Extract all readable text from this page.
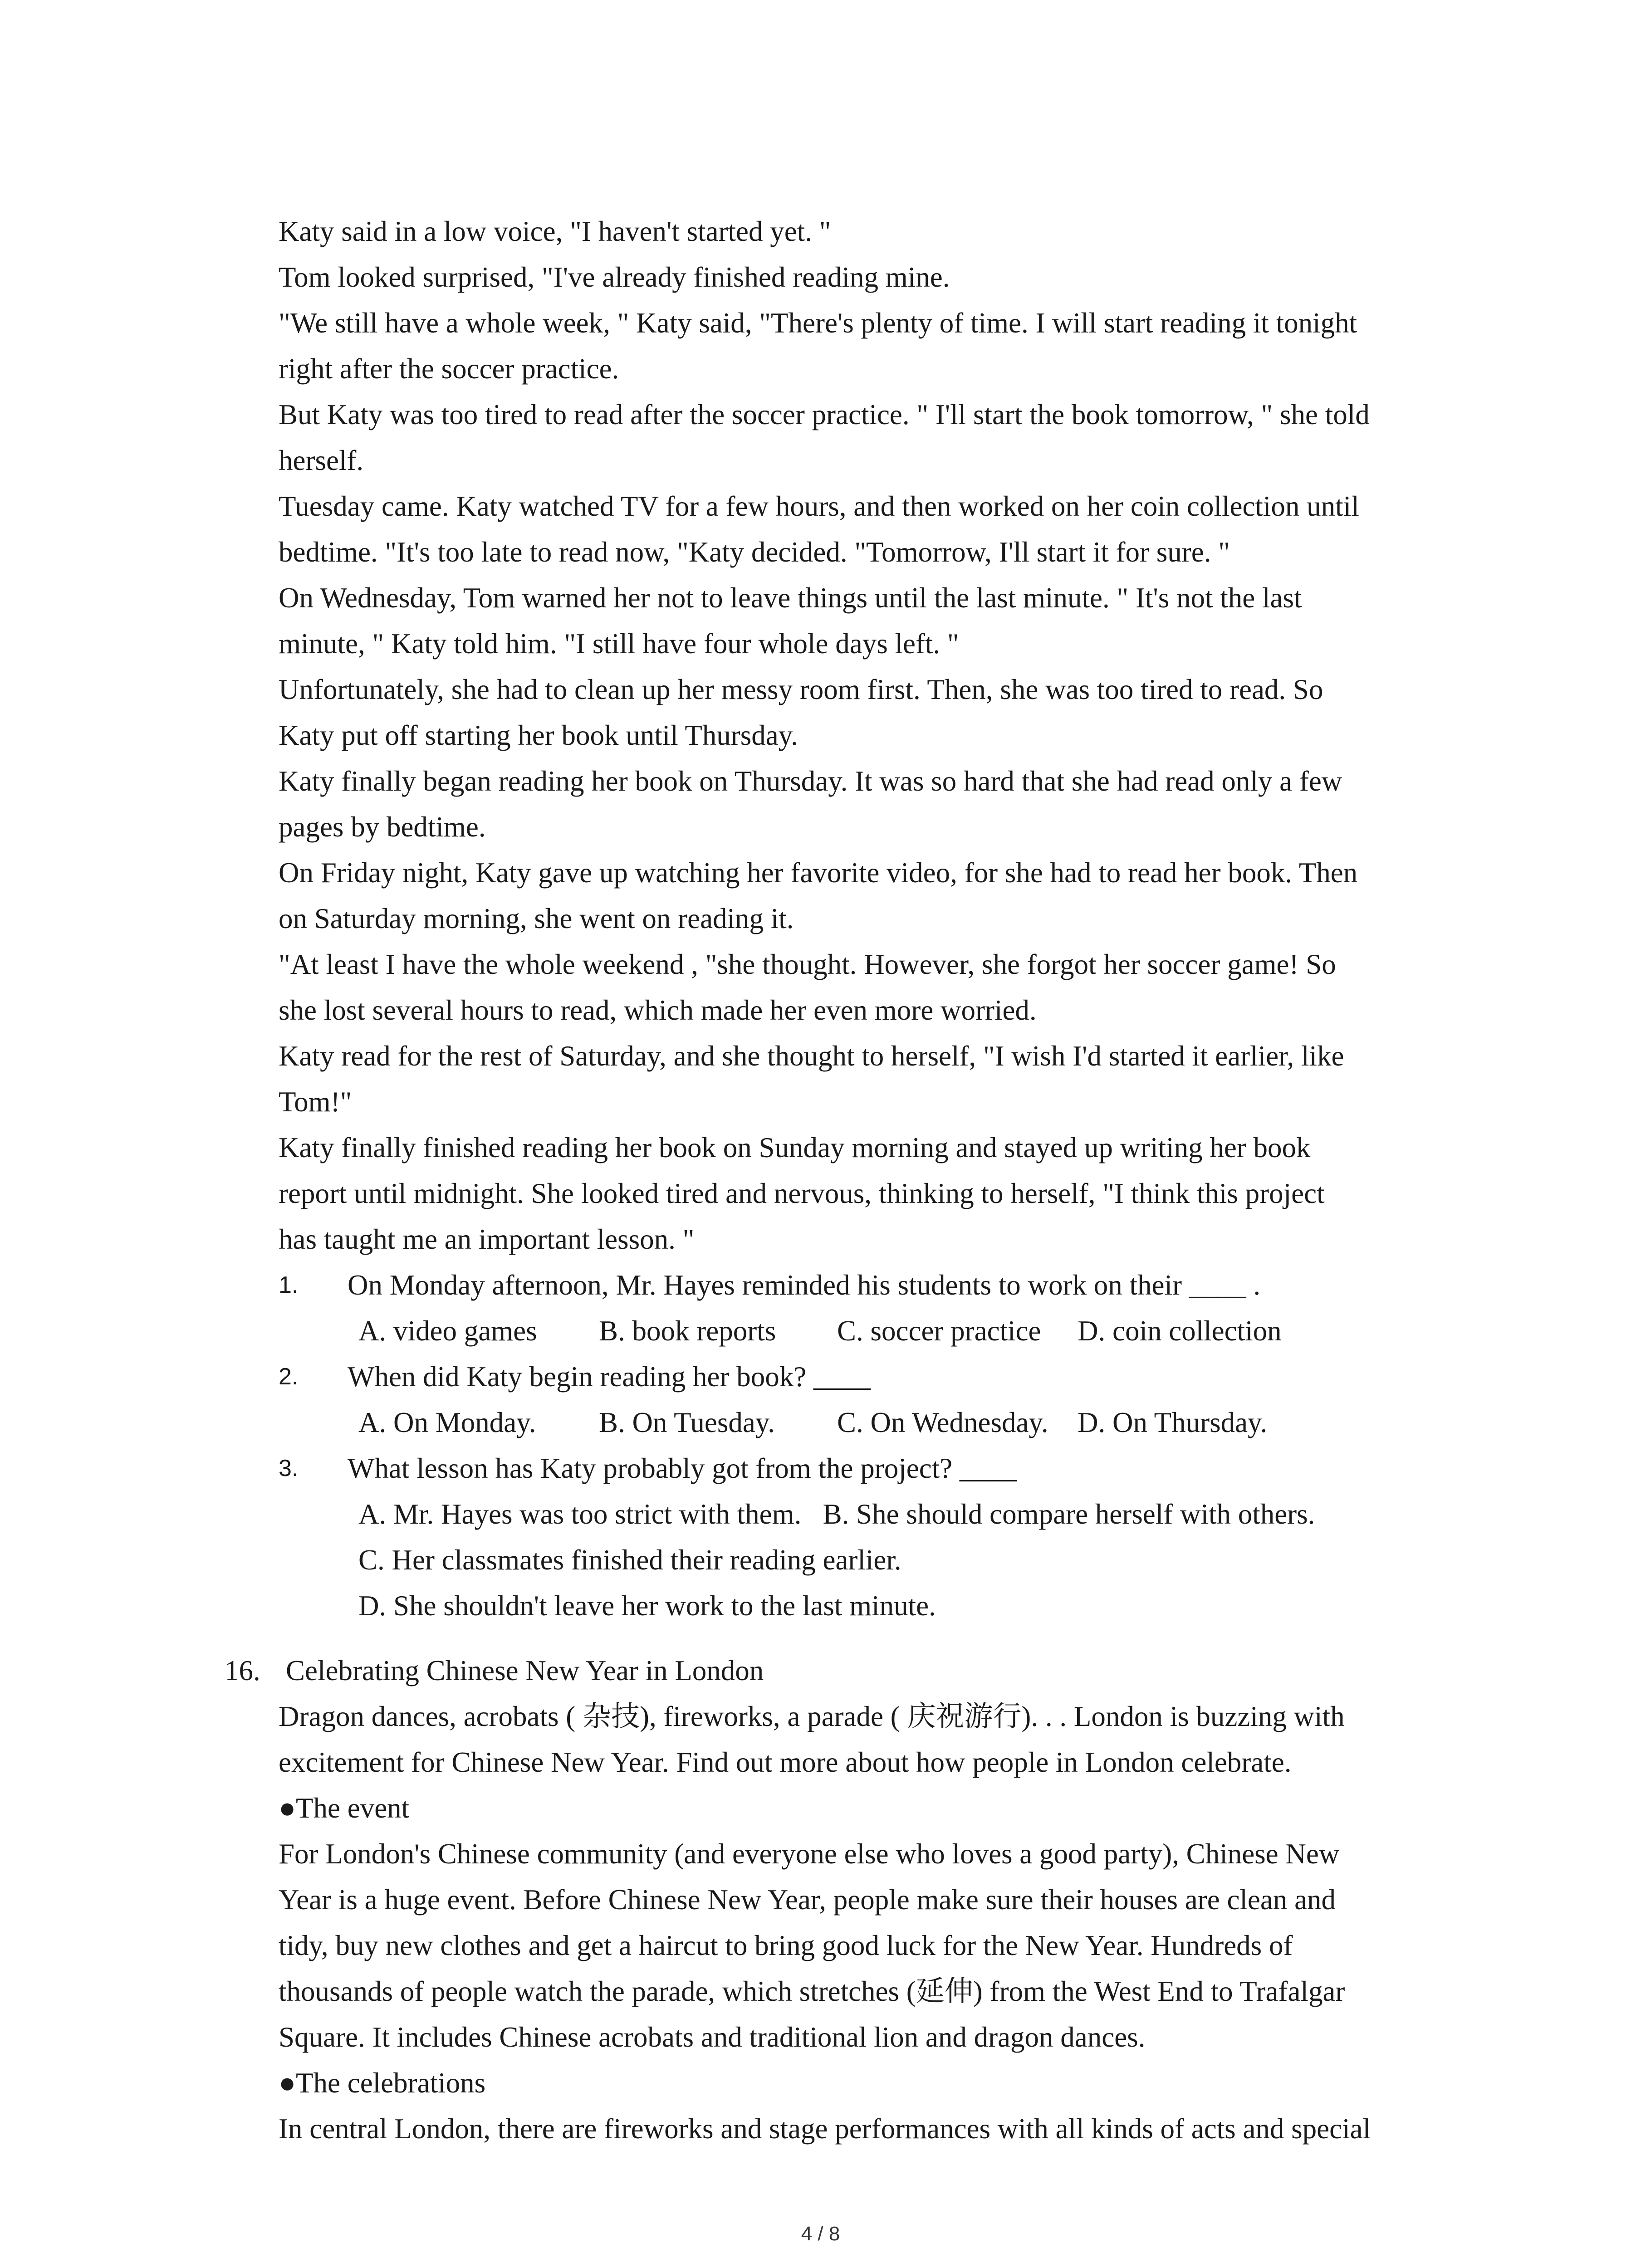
Katy said in a low voice, "I haven't started yet. "
Tom looked surprised, "I've already finished reading mine.
"We still have a whole week, " Katy said, "There's plenty of time. I will start reading it tonight
right after the soccer practice.
But Katy was too tired to read after the soccer practice. " I'll start the book tomorrow, " she told
herself.
Tuesday came. Katy watched TV for a few hours, and then worked on her coin collection until
bedtime. "It's too late to read now, "Katy decided. "Tomorrow, I'll start it for sure. "
On Wednesday, Tom warned her not to leave things until the last minute. " It's not the last
minute, " Katy told him. "I still have four whole days left. "
Unfortunately, she had to clean up her messy room first. Then, she was too tired to read. So
Katy put off starting her book until Thursday.
Katy finally began reading her book on Thursday. It was so hard that she had read only a few
pages by bedtime.
On Friday night, Katy gave up watching her favorite video, for she had to read her book. Then
on Saturday morning, she went on reading it.
"At least I have the whole weekend , "she thought. However, she forgot her soccer game! So
she lost several hours to read, which made her even more worried.
Katy read for the rest of Saturday, and she thought to herself, "I wish I'd started it earlier, like
Tom!"
Katy finally finished reading her book on Sunday morning and stayed up writing her book
report until midnight. She looked tired and nervous, thinking to herself, "I think this project
has taught me an important lesson. "
1. On Monday afternoon, Mr. Hayes reminded his students to work on their ____ .
A. video games B. book reports C. soccer practice D. coin collection
2. When did Katy begin reading her book? ____
A. On Monday. B. On Tuesday. C. On Wednesday. D. On Thursday.
3. What lesson has Katy probably got from the project? ____
A. Mr. Hayes was too strict with them.   B. She should compare herself with others.
C. Her classmates finished their reading earlier.
D. She shouldn't leave her work to the last minute.
16. Celebrating Chinese New Year in London
Dragon dances, acrobats ( 杂技), fireworks, a parade ( 庆祝游行). . . London is buzzing with
excitement for Chinese New Year. Find out more about how people in London celebrate.
●The event
For London's Chinese community (and everyone else who loves a good party), Chinese New
Year is a huge event. Before Chinese New Year, people make sure their houses are clean and
tidy, buy new clothes and get a haircut to bring good luck for the New Year. Hundreds of
thousands of people watch the parade, which stretches (延伸) from the West End to Trafalgar
Square. It includes Chinese acrobats and traditional lion and dragon dances.
●The celebrations
In central London, there are fireworks and stage performances with all kinds of acts and special
4 / 8
